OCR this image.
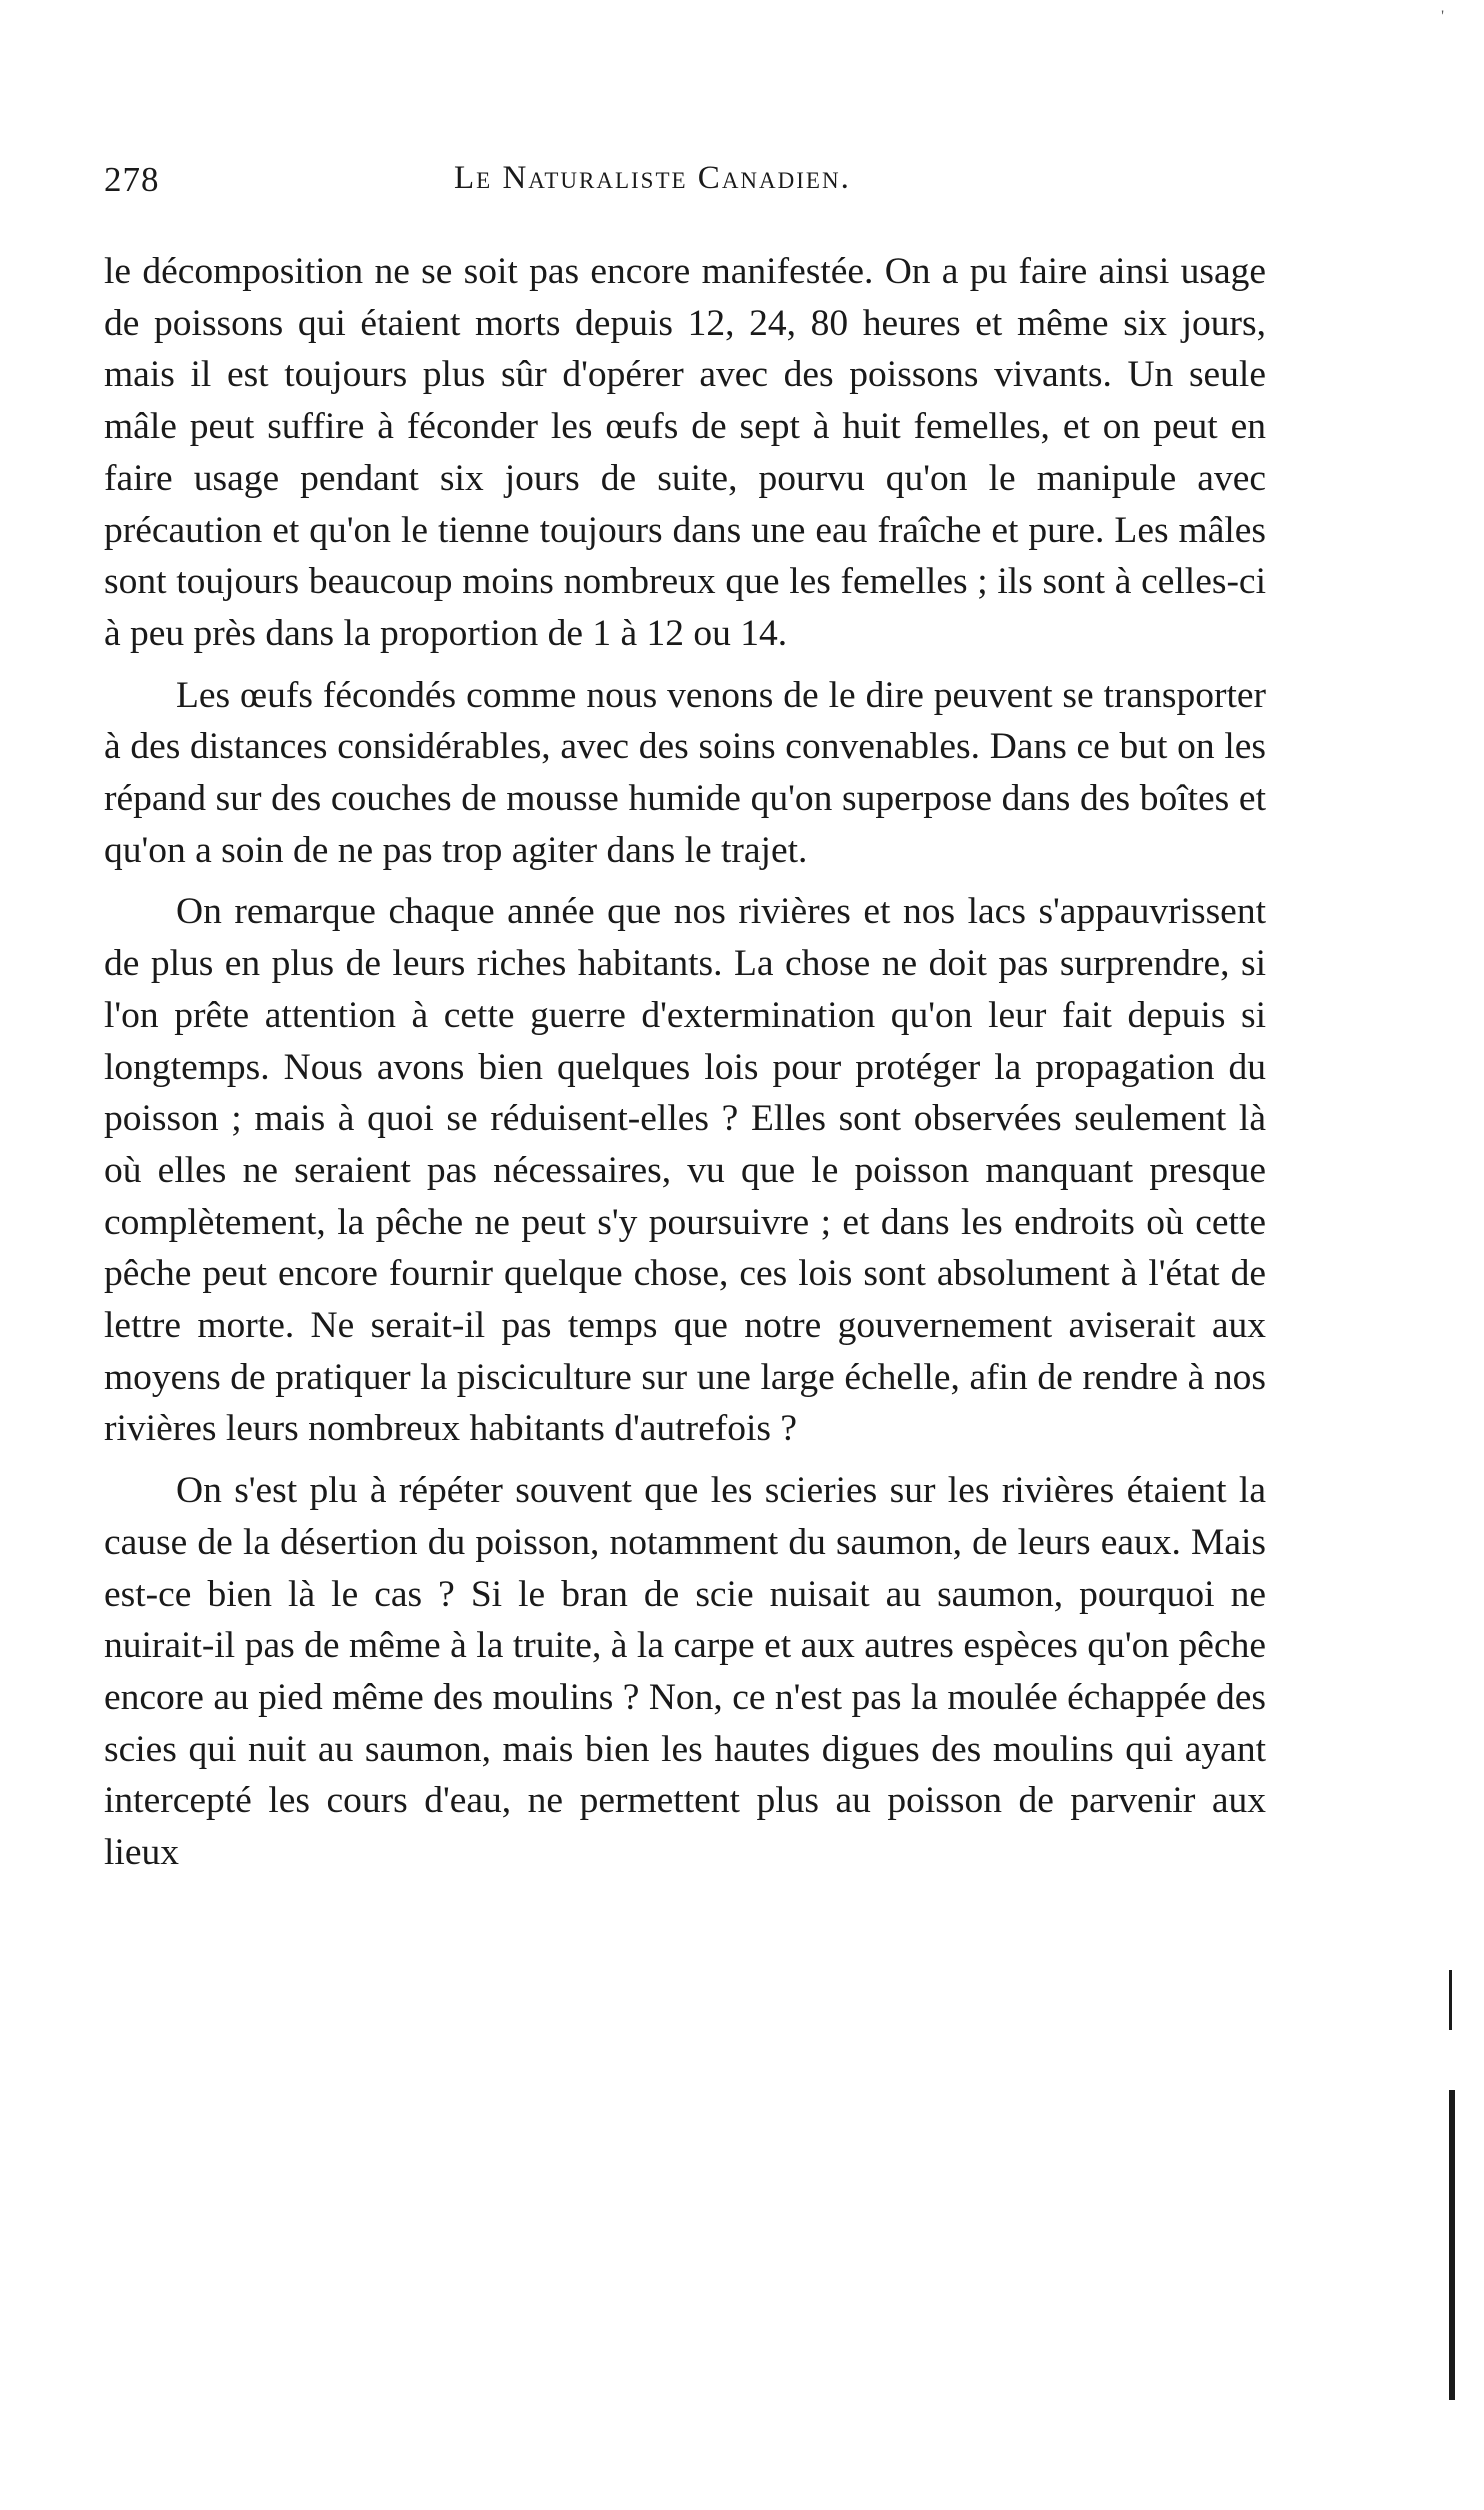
'
278	Le Naturaliste Canadien.

le décomposition ne se soit pas encore manifestée. On a pu faire ainsi usage de poissons qui étaient morts depuis 12, 24, 80 heures et même six jours, mais il est toujours plus sûr d'opérer avec des poissons vivants. Un seule mâle peut suffire à féconder les œufs de sept à huit femelles, et on peut en faire usage pendant six jours de suite, pourvu qu'on le manipule avec précaution et qu'on le tienne toujours dans une eau fraîche et pure. Les mâles sont toujours beaucoup moins nombreux que les femelles ; ils sont à celles-ci à peu près dans la proportion de 1 à 12 ou 14.

Les œufs fécondés comme nous venons de le dire peuvent se transporter à des distances considérables, avec des soins convenables. Dans ce but on les répand sur des couches de mousse humide qu'on superpose dans des boîtes et qu'on a soin de ne pas trop agiter dans le trajet.

On remarque chaque année que nos rivières et nos lacs s'appauvrissent de plus en plus de leurs riches habitants. La chose ne doit pas surprendre, si l'on prête attention à cette guerre d'extermination qu'on leur fait depuis si longtemps. Nous avons bien quelques lois pour protéger la propagation du poisson ; mais à quoi se réduisent-elles ? Elles sont observées seulement là où elles ne seraient pas nécessaires, vu que le poisson manquant presque complètement, la pêche ne peut s'y poursuivre ; et dans les endroits où cette pêche peut encore fournir quelque chose, ces lois sont absolument à l'état de lettre morte. Ne serait-il pas temps que notre gouvernement aviserait aux moyens de pratiquer la pisciculture sur une large échelle, afin de rendre à nos rivières leurs nombreux habitants d'autrefois ?

On s'est plu à répéter souvent que les scieries sur les rivières étaient la cause de la désertion du poisson, notamment du saumon, de leurs eaux. Mais est-ce bien là le cas ? Si le bran de scie nuisait au saumon, pourquoi ne nuirait-il pas de même à la truite, à la carpe et aux autres espèces qu'on pêche encore au pied même des moulins ? Non, ce n'est pas la moulée échappée des scies qui nuit au saumon, mais bien les hautes digues des moulins qui ayant intercepté les cours d'eau, ne permettent plus au poisson de parvenir aux lieux
